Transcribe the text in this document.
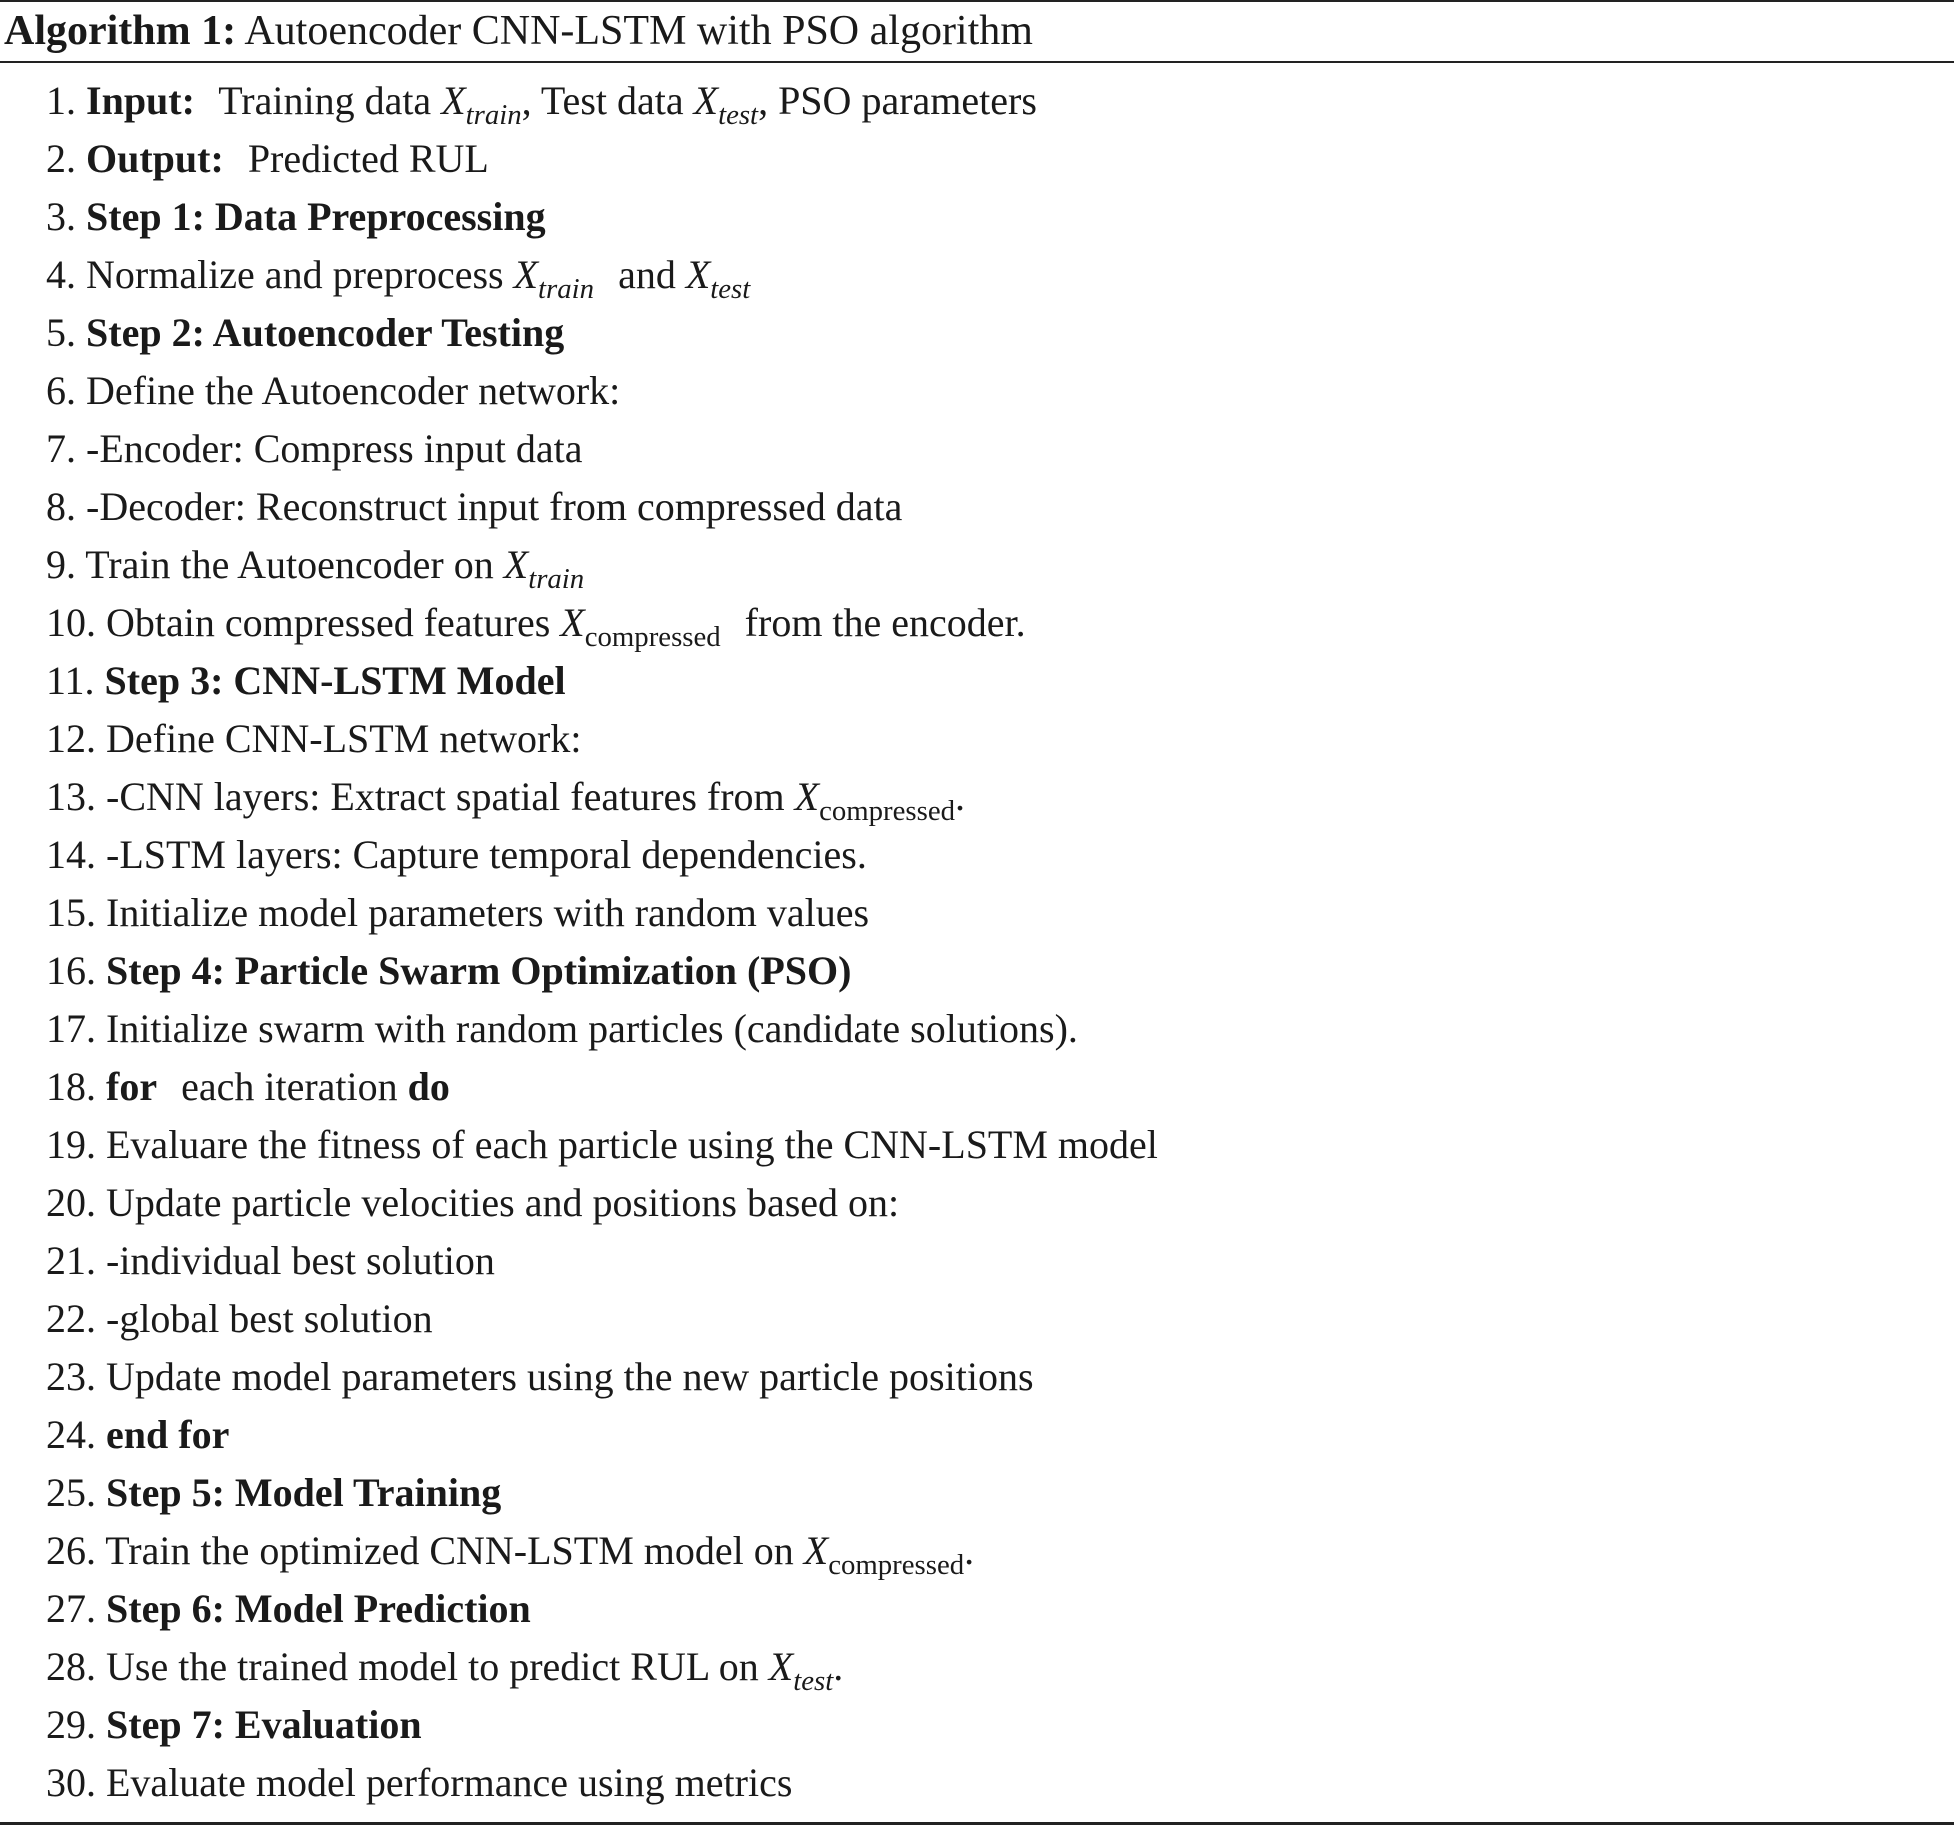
Algorithm 1: Autoencoder CNN-LSTM with PSO algorithm
1. Input: Training data $X_{train}$, Test data $X_{test}$, PSO parameters
2. Output: Predicted RUL
3. Step 1: Data Preprocessing
4. Normalize and preprocess $X_{train}$ and $X_{test}$
5. Step 2: Autoencoder Testing
6. Define the Autoencoder network:
7. -Encoder: Compress input data
8. -Decoder: Reconstruct input from compressed data
9. Train the Autoencoder on $X_{train}$
10. Obtain compressed features $X_{compressed}$ from the encoder.
11. Step 3: CNN-LSTM Model
12. Define CNN-LSTM network:
13. -CNN layers: Extract spatial features from $X_{compressed}$.
14. -LSTM layers: Capture temporal dependencies.
15. Initialize model parameters with random values
16. Step 4: Particle Swarm Optimization (PSO)
17. Initialize swarm with random particles (candidate solutions).
18. for each iteration do
19. Evaluare the fitness of each particle using the CNN-LSTM model
20. Update particle velocities and positions based on:
21. -individual best solution
22. -global best solution
23. Update model parameters using the new particle positions
24. end for
25. Step 5: Model Training
26. Train the optimized CNN-LSTM model on $X_{compressed}$.
27. Step 6: Model Prediction
28. Use the trained model to predict RUL on $X_{test}$.
29. Step 7: Evaluation
30. Evaluate model performance using metrics
